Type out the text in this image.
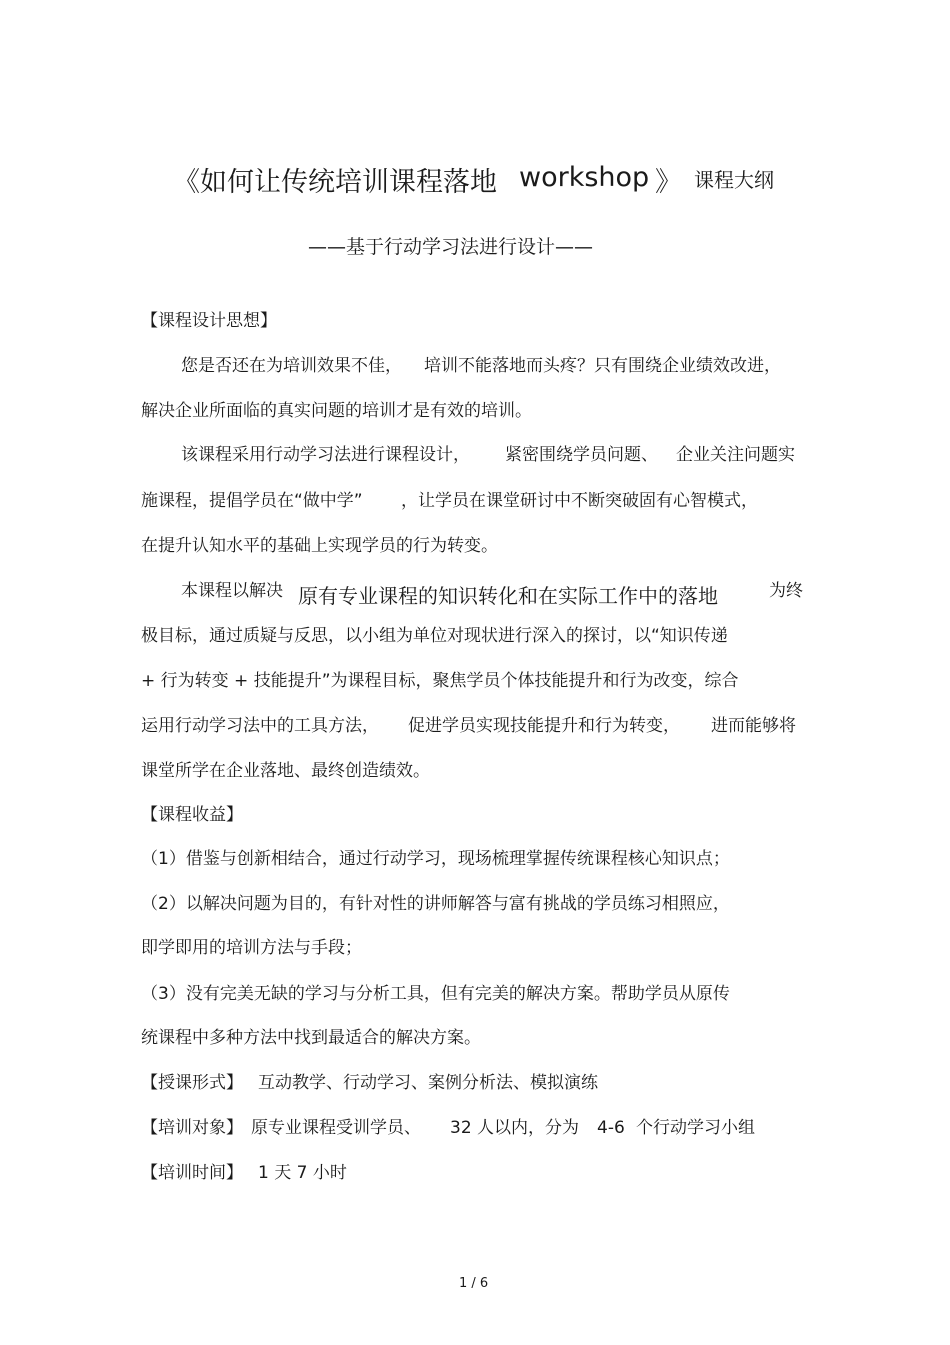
《如何让传统培训课程落地 workshop 》 课程大纲
——基于行动学习法进行设计——
【课程设计思想】
您是否还在为培训效果不佳， 培训不能落地而头疼？只有围绕企业绩效改进，
解决企业所面临的真实问题的培训才是有效的培训。
该课程采用行动学习法进行课程设计， 紧密围绕学员问题、 企业关注问题实
施课程，提倡学员在“做中学” ，让学员在课堂研讨中不断突破固有心智模式，
在提升认知水平的基础上实现学员的行为转变。
本课程以解决 原有专业课程的知识转化和在实际工作中的落地	为终
极目标，通过质疑与反思，以小组为单位对现状进行深入的探讨，以“知识传递
+ 行为转变 + 技能提升”为课程目标，聚焦学员个体技能提升和行为改变，综合
运用行动学习法中的工具方法， 促进学员实现技能提升和行为转变， 进而能够将
课堂所学在企业落地、最终创造绩效。
【课程收益】
（1）借鉴与创新相结合，通过行动学习，现场梳理掌握传统课程核心知识点；
（2）以解决问题为目的，有针对性的讲师解答与富有挑战的学员练习相照应，
即学即用的培训方法与手段；
（3）没有完美无缺的学习与分析工具，但有完美的解决方案。帮助学员从原传
统课程中多种方法中找到最适合的解决方案。
【授课形式】 互动教学、行动学习、案例分析法、模拟演练
【培训对象】 原专业课程受训学员、 32 人以内，分为 4-6 个行动学习小组
【培训时间】 1 天 7 小时
1 / 6
